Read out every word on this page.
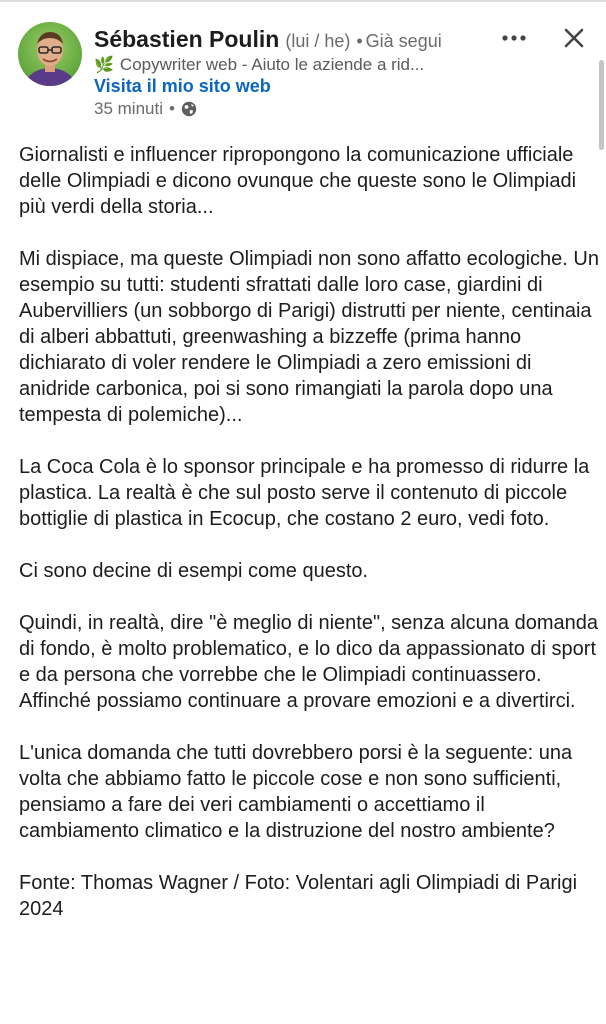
Sébastien Poulin (lui / he) • Già segui
🌿 Copywriter web - Aiuto le aziende a rid...
Visita il mio sito web
35 minuti •

Giornalisti e influencer ripropongono la comunicazione ufficiale delle Olimpiadi e dicono ovunque che queste sono le Olimpiadi più verdi della storia...

Mi dispiace, ma queste Olimpiadi non sono affatto ecologiche. Un esempio su tutti: studenti sfrattati dalle loro case, giardini di Aubervilliers (un sobborgo di Parigi) distrutti per niente, centinaia di alberi abbattuti, greenwashing a bizzeffe (prima hanno dichiarato di voler rendere le Olimpiadi a zero emissioni di anidride carbonica, poi si sono rimangiati la parola dopo una tempesta di polemiche)...

La Coca Cola è lo sponsor principale e ha promesso di ridurre la plastica. La realtà è che sul posto serve il contenuto di piccole bottiglie di plastica in Ecocup, che costano 2 euro, vedi foto.

Ci sono decine di esempi come questo.

Quindi, in realtà, dire "è meglio di niente", senza alcuna domanda di fondo, è molto problematico, e lo dico da appassionato di sport e da persona che vorrebbe che le Olimpiadi continuassero. Affinché possiamo continuare a provare emozioni e a divertirci.

L'unica domanda che tutti dovrebbero porsi è la seguente: una volta che abbiamo fatto le piccole cose e non sono sufficienti, pensiamo a fare dei veri cambiamenti o accettiamo il cambiamento climatico e la distruzione del nostro ambiente?

Fonte: Thomas Wagner / Foto: Volentari agli Olimpiadi di Parigi 2024
